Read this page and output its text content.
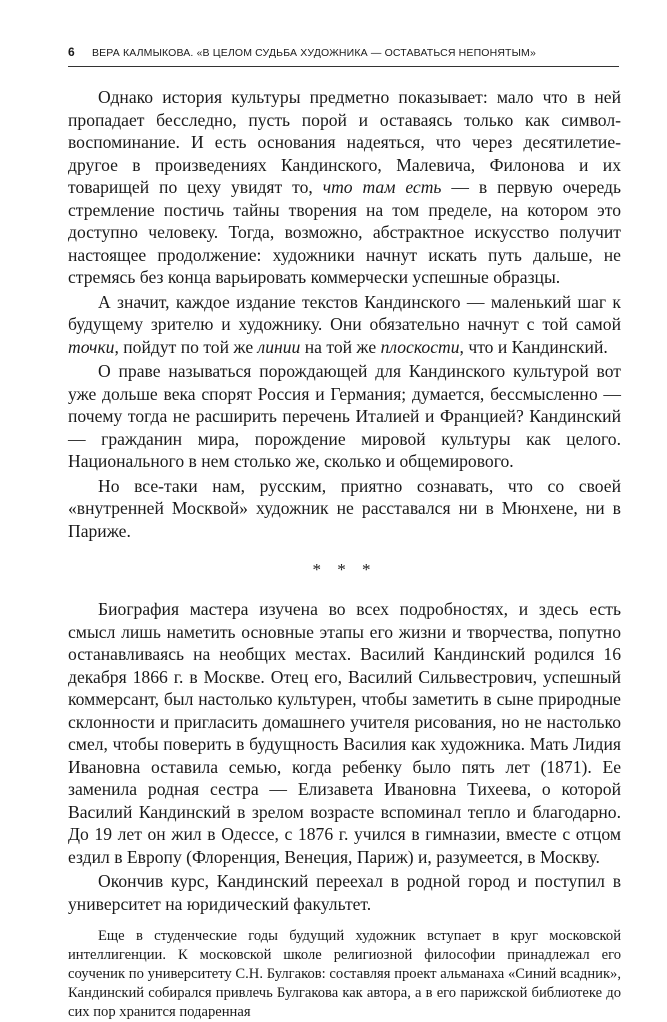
6	ВЕРА КАЛМЫКОВА. «В ЦЕЛОМ СУДЬБА ХУДОЖНИКА — ОСТАВАТЬСЯ НЕПОНЯТЫМ»

Однако история культуры предметно показывает: мало что в ней пропадает бесследно, пусть порой и оставаясь только как символ-воспоминание. И есть основания надеяться, что через десятилетие-другое в произведениях Кандинского, Малевича, Филонова и их товарищей по цеху увидят то, что там есть — в первую очередь стремление постичь тайны творения на том пределе, на котором это доступно человеку. Тогда, возможно, абстрактное искусство получит настоящее продолжение: художники начнут искать путь дальше, не стремясь без конца варьировать коммерчески успешные образцы.

А значит, каждое издание текстов Кандинского — маленький шаг к будущему зрителю и художнику. Они обязательно начнут с той самой точки, пойдут по той же линии на той же плоскости, что и Кандинский.

О праве называться порождающей для Кандинского культурой вот уже дольше века спорят Россия и Германия; думается, бессмысленно — почему тогда не расширить перечень Италией и Францией? Кандинский — гражданин мира, порождение мировой культуры как целого. Национального в нем столько же, сколько и общемирового.

Но все-таки нам, русским, приятно сознавать, что со своей «внутренней Москвой» художник не расставался ни в Мюнхене, ни в Париже.

* * *

Биография мастера изучена во всех подробностях, и здесь есть смысл лишь наметить основные этапы его жизни и творчества, попутно останавливаясь на необщих местах. Василий Кандинский родился 16 декабря 1866 г. в Москве. Отец его, Василий Сильвестрович, успешный коммерсант, был настолько культурен, чтобы заметить в сыне природные склонности и пригласить домашнего учителя рисования, но не настолько смел, чтобы поверить в будущность Василия как художника. Мать Лидия Ивановна оставила семью, когда ребенку было пять лет (1871). Ее заменила родная сестра — Елизавета Ивановна Тихеева, о которой Василий Кандинский в зрелом возрасте вспоминал тепло и благодарно. До 19 лет он жил в Одессе, с 1876 г. учился в гимназии, вместе с отцом ездил в Европу (Флоренция, Венеция, Париж) и, разумеется, в Москву.

Окончив курс, Кандинский переехал в родной город и поступил в университет на юридический факультет.

Еще в студенческие годы будущий художник вступает в круг московской интеллигенции. К московской школе религиозной философии принадлежал его соученик по университету С.Н. Булгаков: составляя проект альманаха «Синий всадник», Кандинский собирался привлечь Булгакова как автора, а в его парижской библиотеке до сих пор хранится подаренная
